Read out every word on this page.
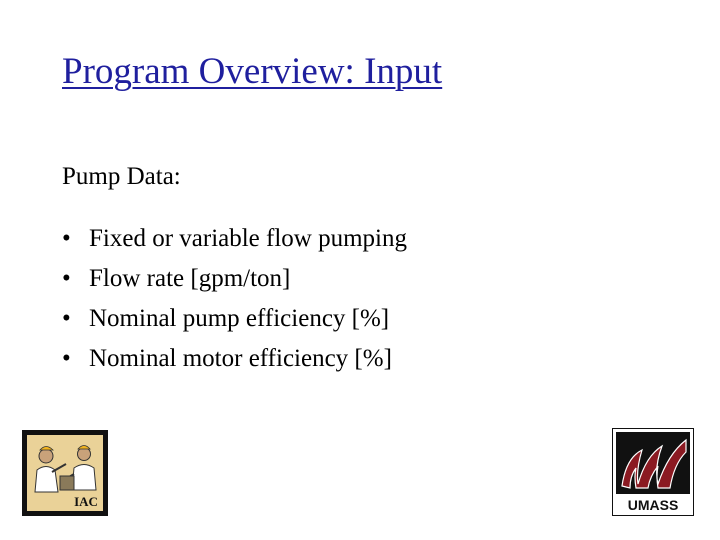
Program Overview: Input
Pump Data:
• Fixed or variable flow pumping
• Flow rate [gpm/ton]
• Nominal pump efficiency [%]
• Nominal motor efficiency [%]
IAC	UMASS
